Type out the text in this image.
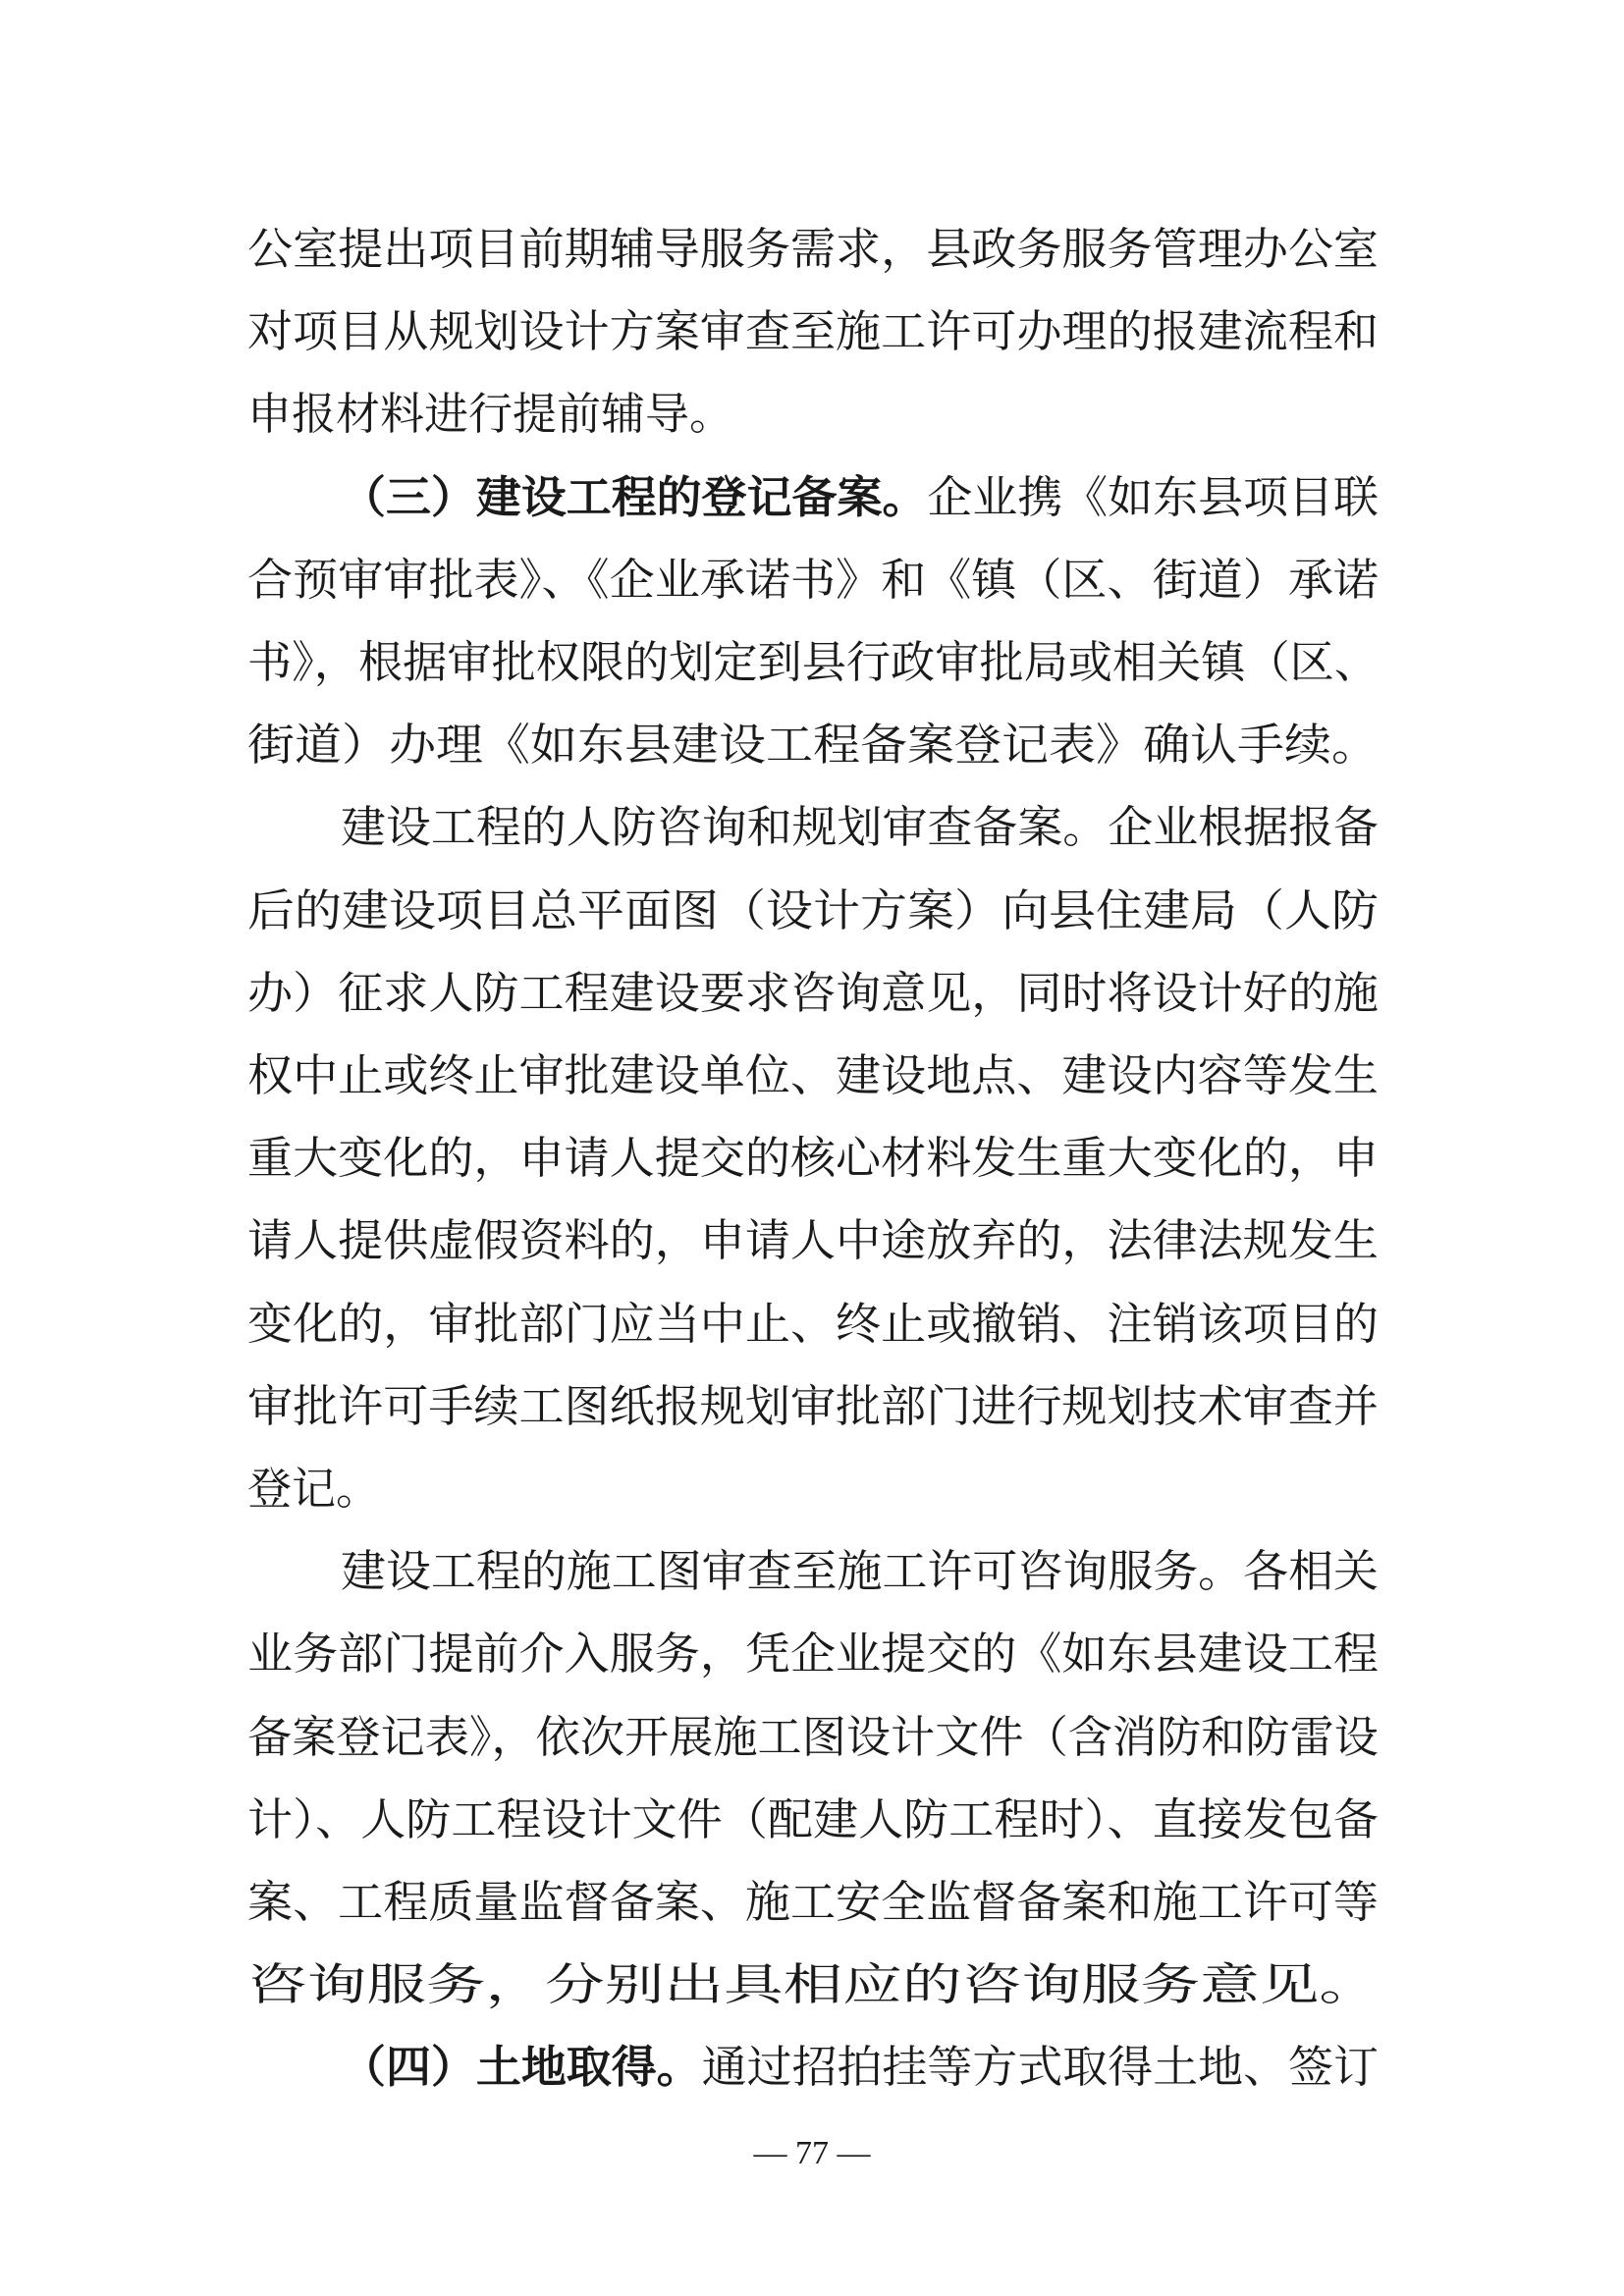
公室提出项目前期辅导服务需求，县政务服务管理办公室
对项目从规划设计方案审查至施工许可办理的报建流程和
申报材料进行提前辅导。
（三）建设工程的登记备案。企业携《如东县项目联
合预审审批表》、《企业承诺书》和《镇（区、街道）承诺
书》，根据审批权限的划定到县行政审批局或相关镇（区、
街道）办理《如东县建设工程备案登记表》确认手续。
建设工程的人防咨询和规划审查备案。企业根据报备
后的建设项目总平面图（设计方案）向县住建局（人防
办）征求人防工程建设要求咨询意见，同时将设计好的施
权中止或终止审批建设单位、建设地点、建设内容等发生
重大变化的，申请人提交的核心材料发生重大变化的，申
请人提供虚假资料的，申请人中途放弃的，法律法规发生
变化的，审批部门应当中止、终止或撤销、注销该项目的
审批许可手续工图纸报规划审批部门进行规划技术审查并
登记。
建设工程的施工图审查至施工许可咨询服务。各相关
业务部门提前介入服务，凭企业提交的《如东县建设工程
备案登记表》，依次开展施工图设计文件（含消防和防雷设
计）、人防工程设计文件（配建人防工程时）、直接发包备
案、工程质量监督备案、施工安全监督备案和施工许可等
咨询服务，分别出具相应的咨询服务意见。
（四）土地取得。通过招拍挂等方式取得土地、签订
— 77 —
